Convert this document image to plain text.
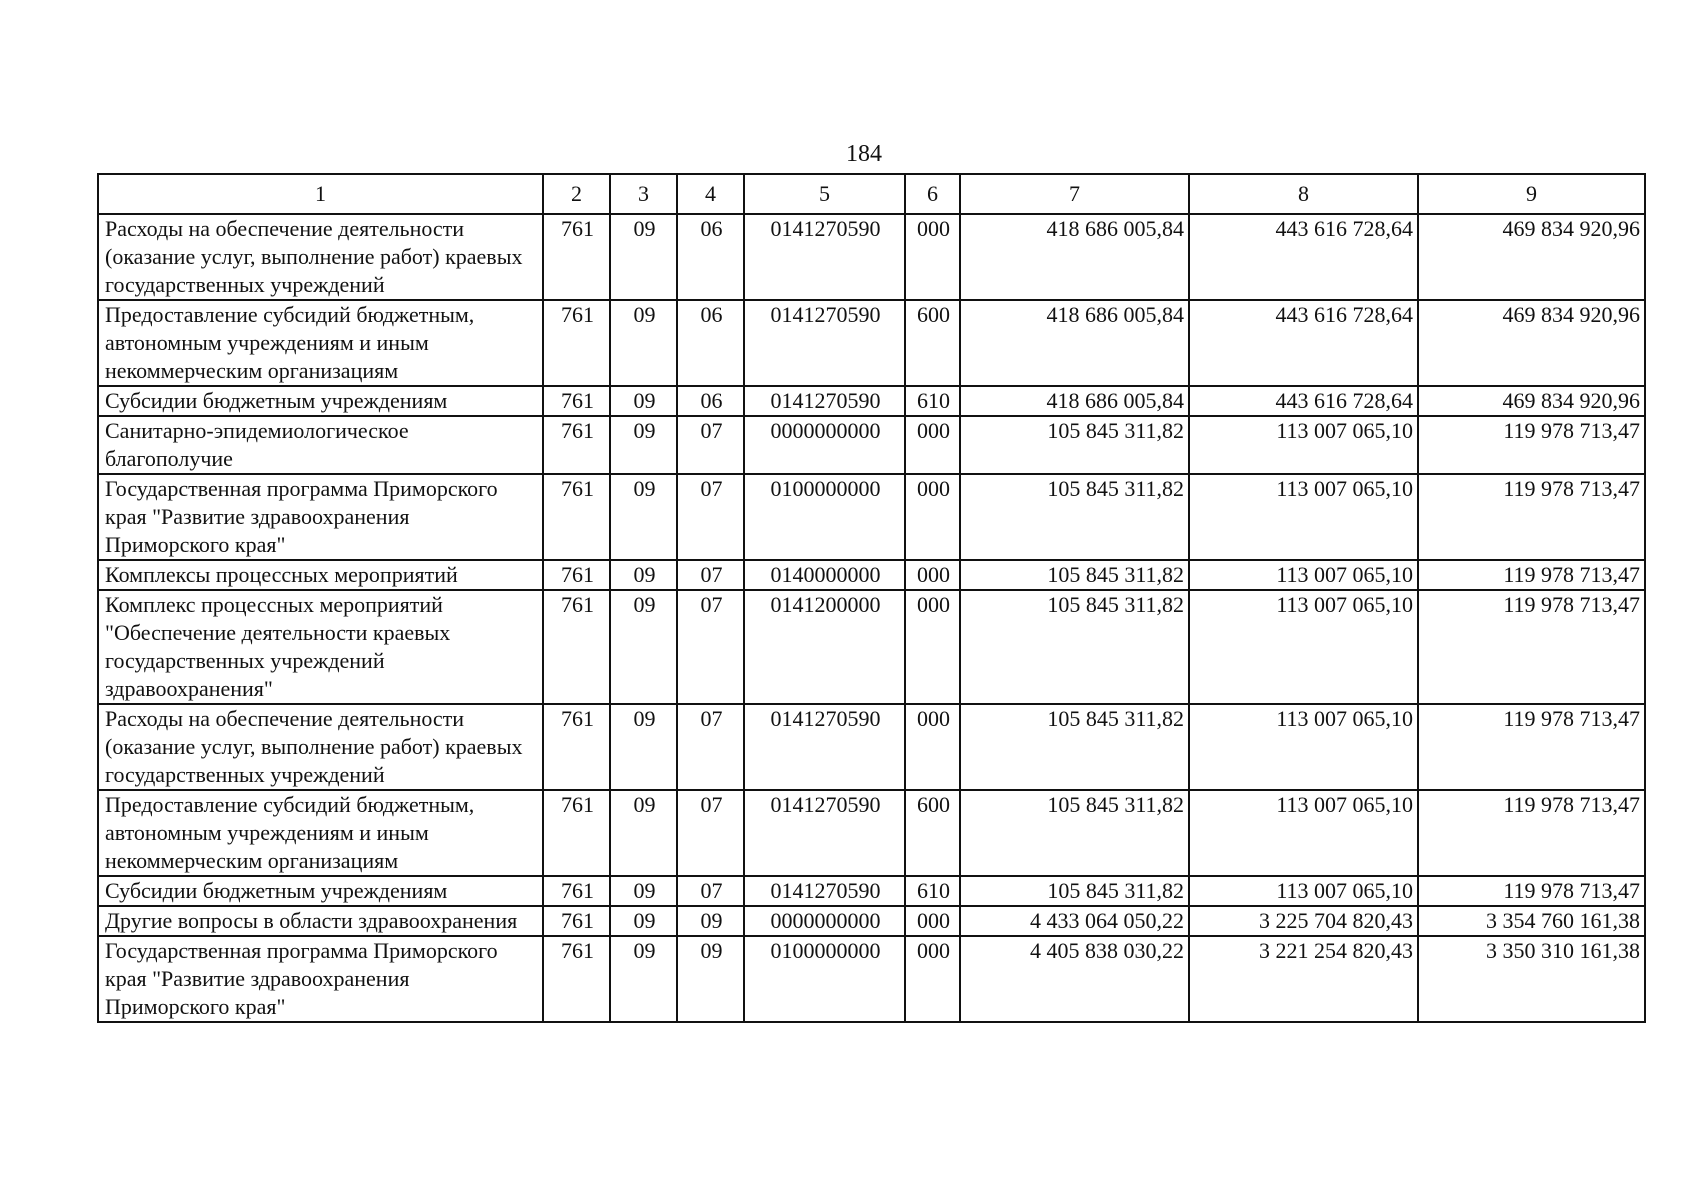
184
1	2	3	4	5	6	7	8	9
Расходы на обеспечение деятельности (оказание услуг, выполнение работ) краевых государственных учреждений	761	09	06	0141270590	000	418 686 005,84	443 616 728,64	469 834 920,96
Предоставление субсидий бюджетным, автономным учреждениям и иным некоммерческим организациям	761	09	06	0141270590	600	418 686 005,84	443 616 728,64	469 834 920,96
Субсидии бюджетным учреждениям	761	09	06	0141270590	610	418 686 005,84	443 616 728,64	469 834 920,96
Санитарно-эпидемиологическое благополучие	761	09	07	0000000000	000	105 845 311,82	113 007 065,10	119 978 713,47
Государственная программа Приморского края "Развитие здравоохранения Приморского края"	761	09	07	0100000000	000	105 845 311,82	113 007 065,10	119 978 713,47
Комплексы процессных мероприятий	761	09	07	0140000000	000	105 845 311,82	113 007 065,10	119 978 713,47
Комплекс процессных мероприятий "Обеспечение деятельности краевых государственных учреждений здравоохранения"	761	09	07	0141200000	000	105 845 311,82	113 007 065,10	119 978 713,47
Расходы на обеспечение деятельности (оказание услуг, выполнение работ) краевых государственных учреждений	761	09	07	0141270590	000	105 845 311,82	113 007 065,10	119 978 713,47
Предоставление субсидий бюджетным, автономным учреждениям и иным некоммерческим организациям	761	09	07	0141270590	600	105 845 311,82	113 007 065,10	119 978 713,47
Субсидии бюджетным учреждениям	761	09	07	0141270590	610	105 845 311,82	113 007 065,10	119 978 713,47
Другие вопросы в области здравоохранения	761	09	09	0000000000	000	4 433 064 050,22	3 225 704 820,43	3 354 760 161,38
Государственная программа Приморского края "Развитие здравоохранения Приморского края"	761	09	09	0100000000	000	4 405 838 030,22	3 221 254 820,43	3 350 310 161,38
